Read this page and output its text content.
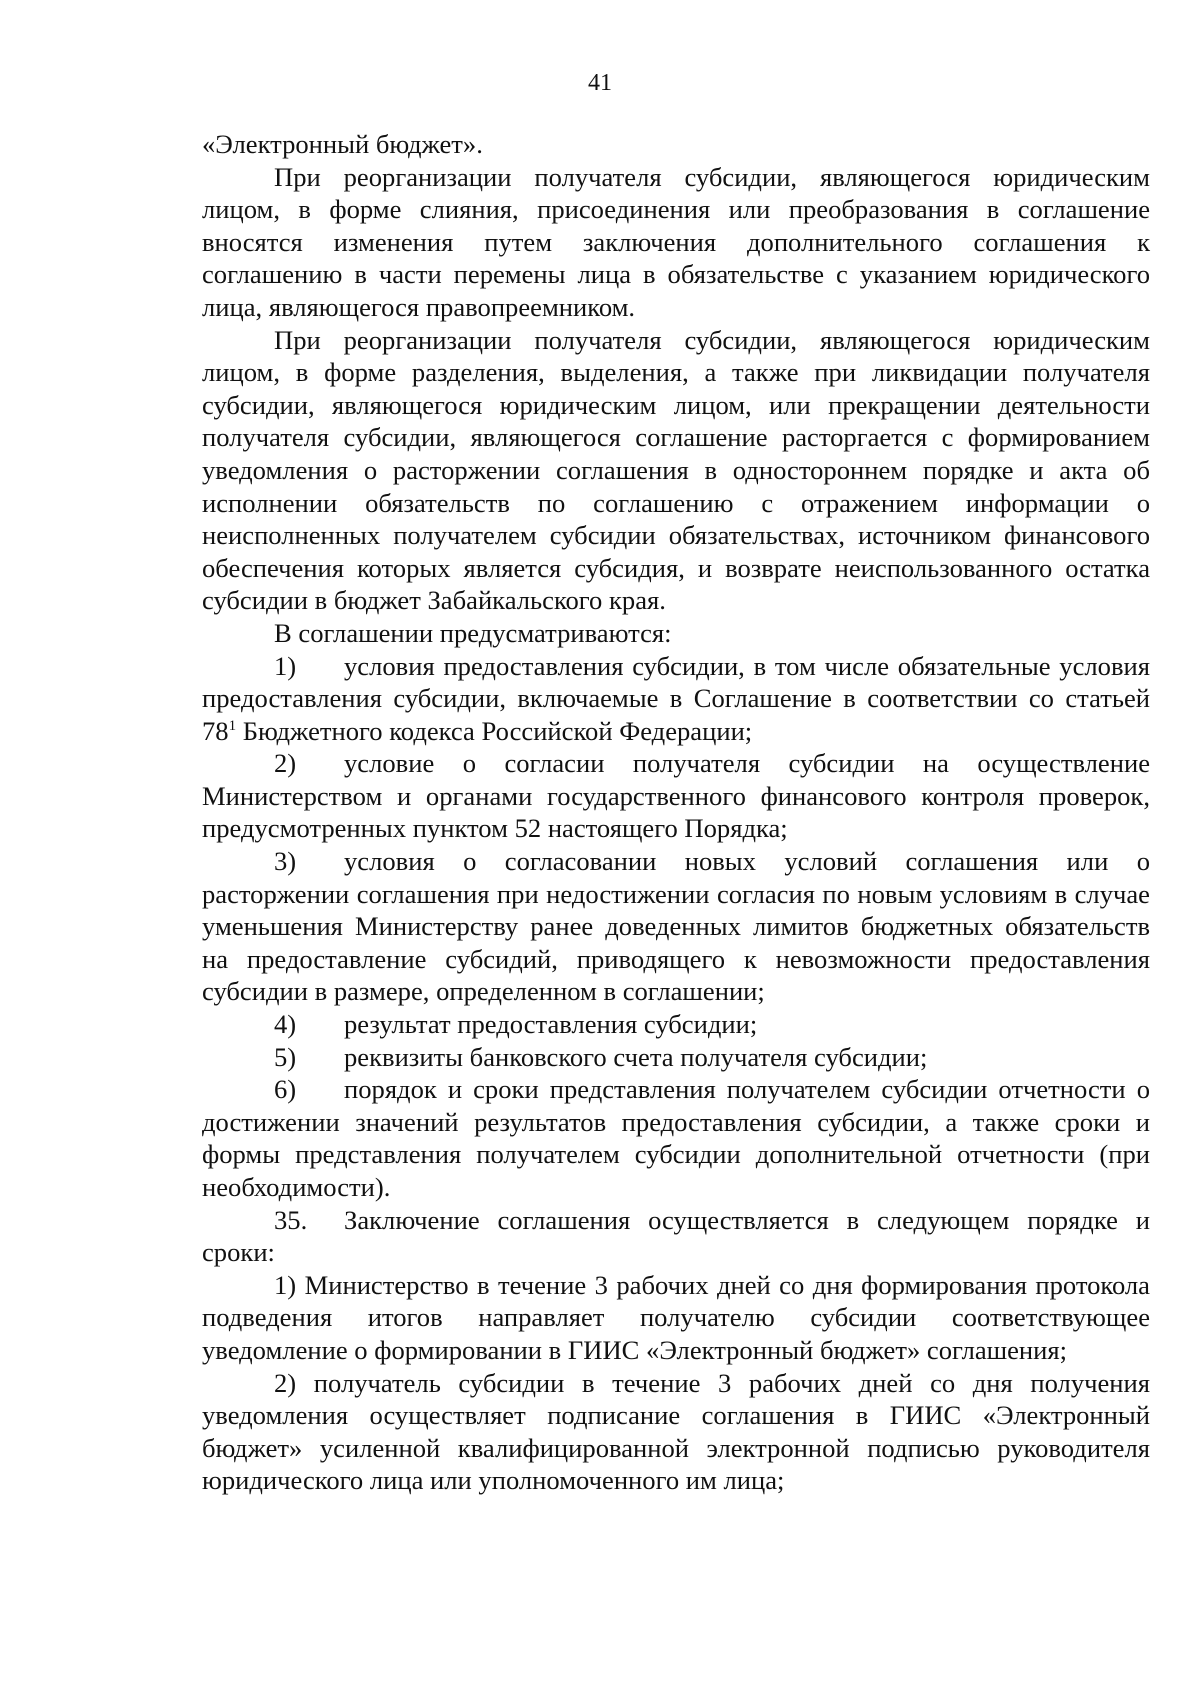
41

«Электронный бюджет».

При реорганизации получателя субсидии, являющегося юридическим лицом, в форме слияния, присоединения или преобразования в соглашение вносятся изменения путем заключения дополнительного соглашения к соглашению в части перемены лица в обязательстве с указанием юридического лица, являющегося правопреемником.

При реорганизации получателя субсидии, являющегося юридическим лицом, в форме разделения, выделения, а также при ликвидации получателя субсидии, являющегося юридическим лицом, или прекращении деятельности получателя субсидии, являющегося соглашение расторгается с формированием уведомления о расторжении соглашения в одностороннем порядке и акта об исполнении обязательств по соглашению с отражением информации о неисполненных получателем субсидии обязательствах, источником финансового обеспечения которых является субсидия, и возврате неиспользованного остатка субсидии в бюджет Забайкальского края.

В соглашении предусматриваются:

1) условия предоставления субсидии, в том числе обязательные условия предоставления субсидии, включаемые в Соглашение в соответствии со статьей $78^1$ Бюджетного кодекса Российской Федерации;

2) условие о согласии получателя субсидии на осуществление Министерством и органами государственного финансового контроля проверок, предусмотренных пунктом 52 настоящего Порядка;

3) условия о согласовании новых условий соглашения или о расторжении соглашения при недостижении согласия по новым условиям в случае уменьшения Министерству ранее доведенных лимитов бюджетных обязательств на предоставление субсидий, приводящего к невозможности предоставления субсидии в размере, определенном в соглашении;

4) результат предоставления субсидии;

5) реквизиты банковского счета получателя субсидии;

6) порядок и сроки представления получателем субсидии отчетности о достижении значений результатов предоставления субсидии, а также сроки и формы представления получателем субсидии дополнительной отчетности (при необходимости).

35. Заключение соглашения осуществляется в следующем порядке и сроки:

1) Министерство в течение 3 рабочих дней со дня формирования протокола подведения итогов направляет получателю субсидии соответствующее уведомление о формировании в ГИИС «Электронный бюджет» соглашения;

2) получатель субсидии в течение 3 рабочих дней со дня получения уведомления осуществляет подписание соглашения в ГИИС «Электронный бюджет» усиленной квалифицированной электронной подписью руководителя юридического лица или уполномоченного им лица;
